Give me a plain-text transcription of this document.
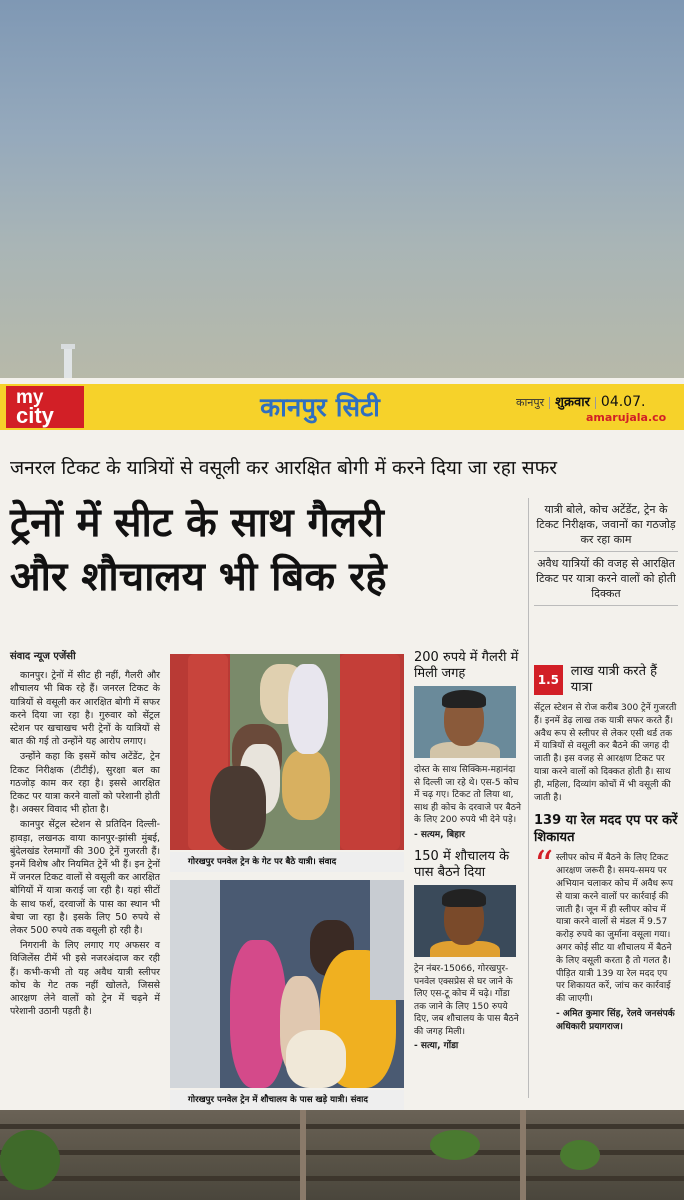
my
city	कानपुर सिटी	कानपुर शुक्रवार 04.07.
amarujala.co
जनरल टिकट के यात्रियों से वसूली कर आरक्षित बोगी में करने दिया जा रहा सफर
ट्रेनों में सीट के साथ गैलरी
और शौचालय भी बिक रहे
यात्री बोले, कोच अटेंडेंट, ट्रेन के टिकट निरीक्षक, जवानों का गठजोड़ कर रहा काम
अवैध यात्रियों की वजह से आरक्षित टिकट पर यात्रा करने वालों को होती दिक्कत
संवाद न्यूज एजेंसी

कानपुर। ट्रेनों में सीट ही नहीं, गैलरी और शौचालय भी बिक रहे हैं। जनरल टिकट के यात्रियों से वसूली कर आरक्षित बोगी में सफर करने दिया जा रहा है। गुरुवार को सेंट्रल स्टेशन पर खचाखच भरी ट्रेनों के यात्रियों से बात की गई तो उन्होंने यह आरोप लगाए।

उन्होंने कहा कि इसमें कोच अटेंडेंट, ट्रेन टिकट निरीक्षक (टीटीई), सुरक्षा बल का गठजोड़ काम कर रहा है। इससे आरक्षित टिकट पर यात्रा करने वालों को परेशानी होती है। अक्सर विवाद भी होता है।

कानपुर सेंट्रल स्टेशन से प्रतिदिन दिल्ली-हावड़ा, लखनऊ वाया कानपुर-झांसी मुंबई, बुंदेलखंड रेलमार्गों की 300 ट्रेनें गुजरती हैं। इनमें विशेष और नियमित ट्रेनें भी हैं। इन ट्रेनों में जनरल टिकट वालों से वसूली कर आरक्षित बोगियों में यात्रा कराई जा रही है। यहां सीटों के साथ फर्श, दरवाजों के पास का स्थान भी बेचा जा रहा है। इसके लिए 50 रुपये से लेकर 500 रुपये तक वसूली हो रही है।

निगरानी के लिए लगाए गए अफसर व विजिलेंस टीमें भी इसे नजरअंदाज कर रही हैं। कभी-कभी तो यह अवैध यात्री स्लीपर कोच के गेट तक नहीं खोलते, जिससे आरक्षण लेने वालों को ट्रेन में चढ़ने में परेशानी उठानी पड़ती है।

गोरखपुर पनवेल ट्रेन के गेट पर बैठे यात्री। संवाद
गोरखपुर पनवेल ट्रेन में शौचालय के पास खड़े यात्री। संवाद
200 रुपये में गैलरी में मिली जगह
दोस्त के साथ सिक्किम-महानंदा से दिल्ली जा रहे थे। एस-5 कोच में चढ़ गए। टिकट तो लिया था, साथ ही कोच के दरवाजे पर बैठने के लिए 200 रुपये भी देने पड़े।
- सत्यम, बिहार
150 में शौचालय के पास बैठने दिया
ट्रेन नंबर-15066, गोरखपुर-पनवेल एक्सप्रेस से घर जाने के लिए एस-टू कोच में चढ़े। गोंडा तक जाने के लिए 150 रुपये दिए, जब शौचालय के पास बैठने की जगह मिली।
- सत्या, गोंडा
1.5
लाख यात्री करते हैं यात्रा
सेंट्रल स्टेशन से रोज करीब 300 ट्रेनें गुजरती हैं। इनमें डेढ़ लाख तक यात्री सफर करते हैं। अवैध रूप से स्लीपर से लेकर एसी थर्ड तक में यात्रियों से वसूली कर बैठने की जगह दी जाती है। इस वजह से आरक्षण टिकट पर यात्रा करने वालों को दिक्कत होती है। साथ ही, महिला, दिव्यांग कोचों में भी वसूली की जाती है।
139 या रेल मदद एप पर करें शिकायत
“ स्लीपर कोच में बैठने के लिए टिकट आरक्षण जरूरी है। समय-समय पर अभियान चलाकर कोच में अवैध रूप से यात्रा करने वालों पर कार्रवाई की जाती है। जून में ही स्लीपर कोच में यात्रा करने वालों से मंडल में 9.57 करोड़ रुपये का जुर्माना वसूला गया। अगर कोई सीट या शौचालय में बैठने के लिए वसूली करता है तो गलत है। पीड़ित यात्री 139 या रेल मदद एप पर शिकायत करें, जांच कर कार्रवाई की जाएगी।
- अमित कुमार सिंह, रेलवे जनसंपर्क अधिकारी प्रयागराज।
